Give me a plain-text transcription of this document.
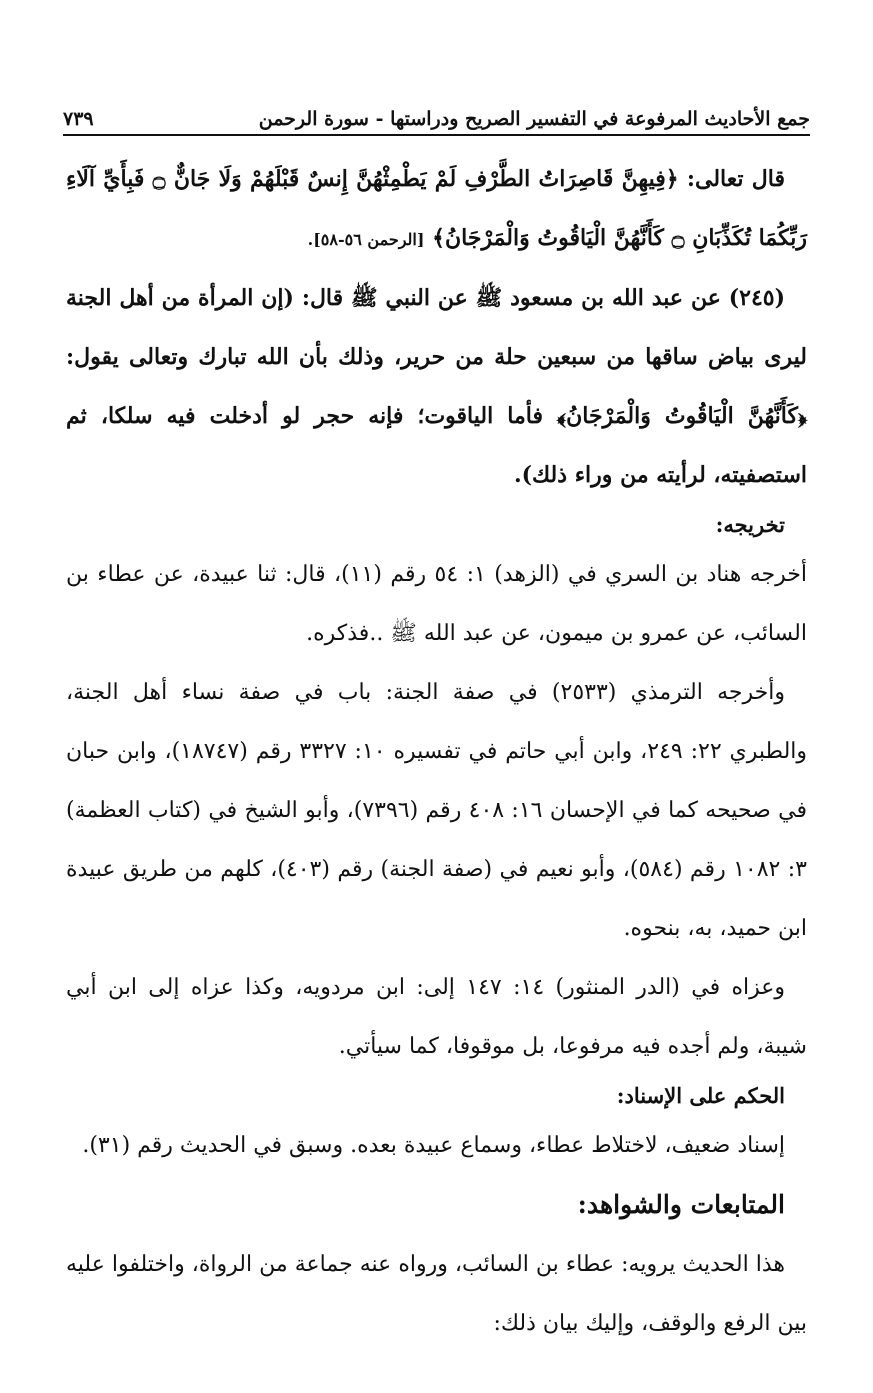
جمع الأحاديث المرفوعة في التفسير الصريح ودراستها - سورة الرحمن
٧٣٩

قال تعالى: ﴿فِيهِنَّ قَاصِرَاتُ الطَّرْفِ لَمْ يَطْمِثْهُنَّ إِنسٌ قَبْلَهُمْ وَلَا جَانٌّ ۝ فَبِأَيِّ آلَاءِ رَبِّكُمَا تُكَذِّبَانِ ۝ كَأَنَّهُنَّ الْيَاقُوتُ وَالْمَرْجَانُ﴾ [الرحمن ٥٦-٥٨].

(٢٤٥) عن عبد الله بن مسعود ﷺ عن النبي ﷺ قال: (إن المرأة من أهل الجنة ليرى بياض ساقها من سبعين حلة من حرير، وذلك بأن الله تبارك وتعالى يقول: ﴿كَأَنَّهُنَّ الْيَاقُوتُ وَالْمَرْجَانُ﴾ فأما الياقوت؛ فإنه حجر لو أدخلت فيه سلكا، ثم استصفيته، لرأيته من وراء ذلك).

تخريجه:

أخرجه هناد بن السري في (الزهد) ١: ٥٤ رقم (١١)، قال: ثنا عبيدة، عن عطاء بن السائب، عن عمرو بن ميمون، عن عبد الله ﷺ ..فذكره.

وأخرجه الترمذي (٢٥٣٣) في صفة الجنة: باب في صفة نساء أهل الجنة، والطبري ٢٢: ٢٤٩، وابن أبي حاتم في تفسيره ١٠: ٣٣٢٧ رقم (١٨٧٤٧)، وابن حبان في صحيحه كما في الإحسان ١٦: ٤٠٨ رقم (٧٣٩٦)، وأبو الشيخ في (كتاب العظمة) ٣: ١٠٨٢ رقم (٥٨٤)، وأبو نعيم في (صفة الجنة) رقم (٤٠٣)، كلهم من طريق عبيدة ابن حميد، به، بنحوه.

وعزاه في (الدر المنثور) ١٤: ١٤٧ إلى: ابن مردويه، وكذا عزاه إلى ابن أبي شيبة، ولم أجده فيه مرفوعا، بل موقوفا، كما سيأتي.

الحكم على الإسناد:

إسناد ضعيف، لاختلاط عطاء، وسماع عبيدة بعده. وسبق في الحديث رقم (٣١).

المتابعات والشواهد:

هذا الحديث يرويه: عطاء بن السائب، ورواه عنه جماعة من الرواة، واختلفوا عليه بين الرفع والوقف، وإليك بيان ذلك:
